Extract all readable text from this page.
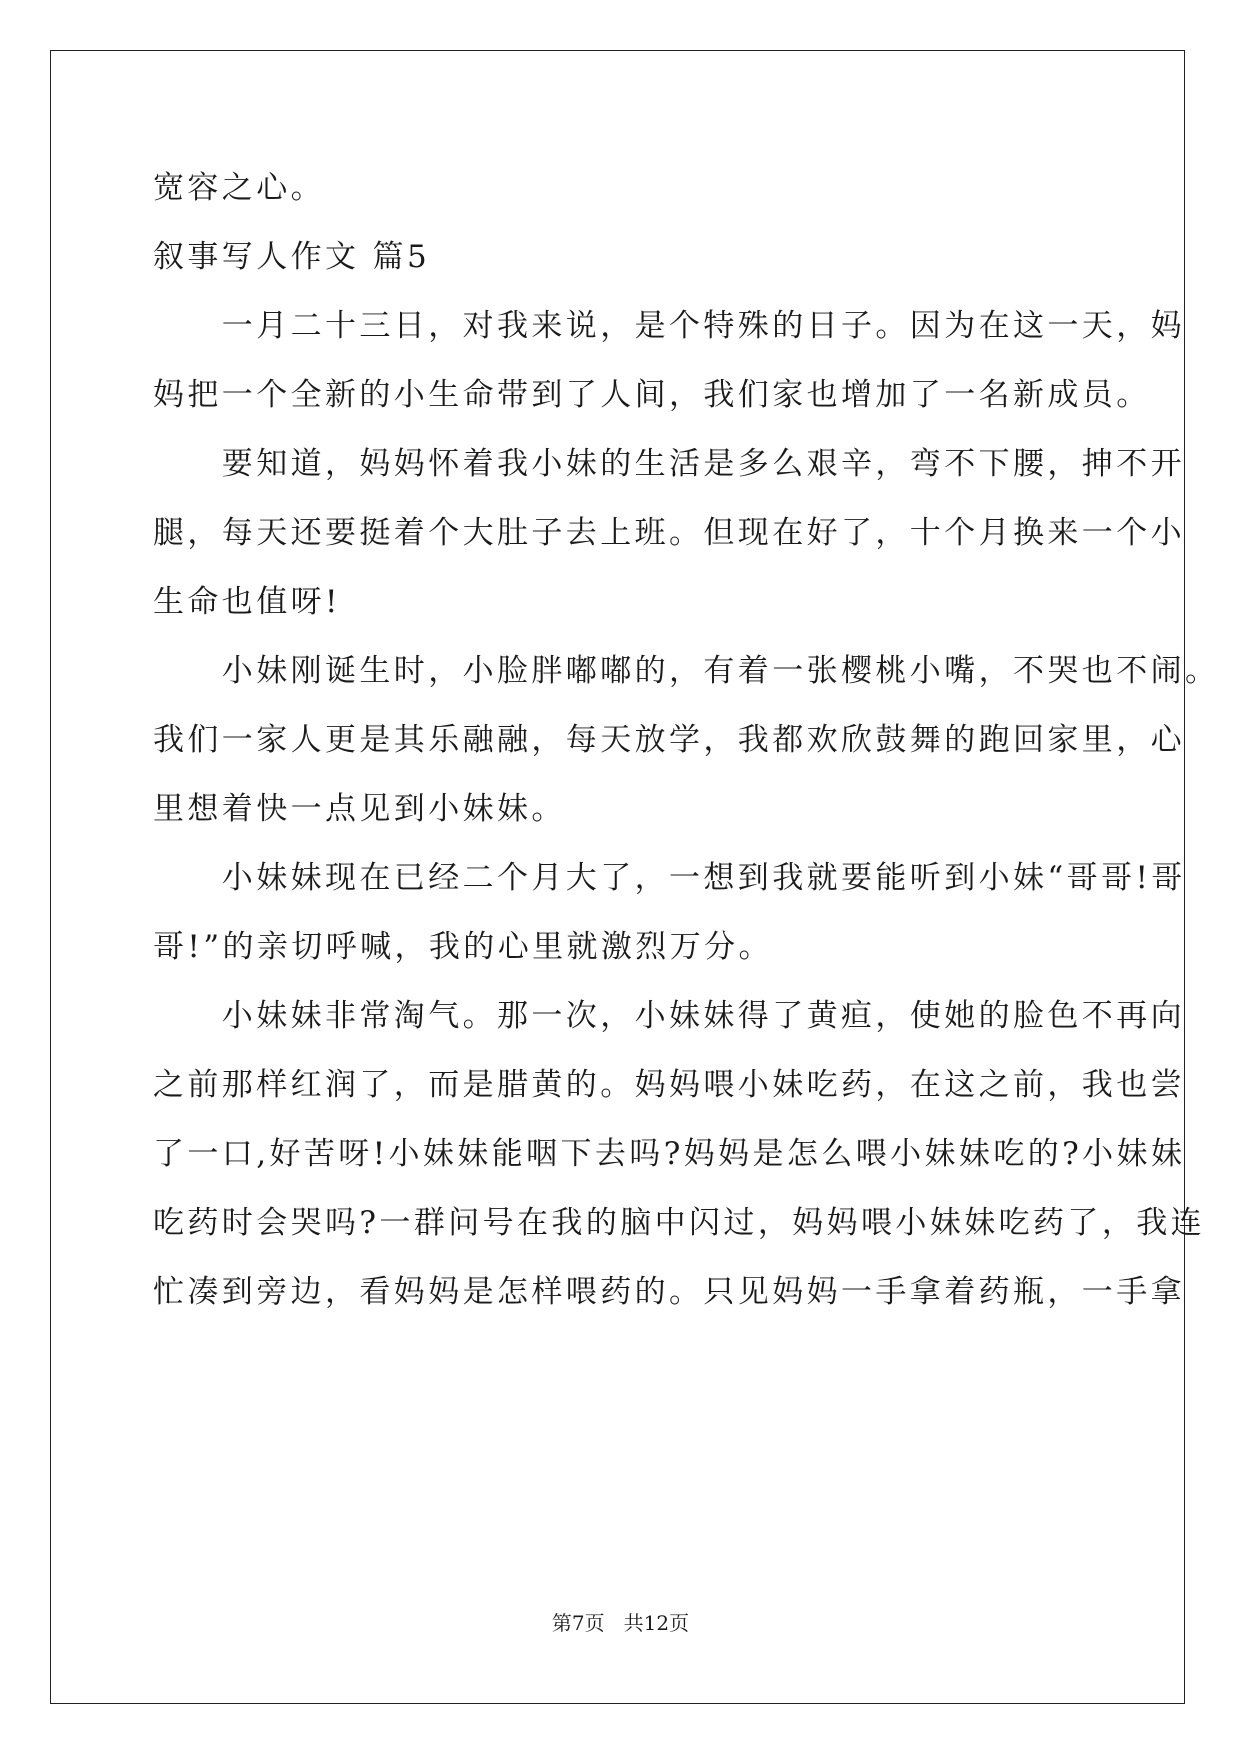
宽容之心。
叙事写人作文 篇5
　　一月二十三日，对我来说，是个特殊的日子。因为在这一天，妈
妈把一个全新的小生命带到了人间，我们家也增加了一名新成员。
　　要知道，妈妈怀着我小妹的生活是多么艰辛，弯不下腰，抻不开
腿，每天还要挺着个大肚子去上班。但现在好了，十个月换来一个小
生命也值呀!
　　小妹刚诞生时，小脸胖嘟嘟的，有着一张樱桃小嘴，不哭也不闹。
我们一家人更是其乐融融，每天放学，我都欢欣鼓舞的跑回家里，心
里想着快一点见到小妹妹。
　　小妹妹现在已经二个月大了，一想到我就要能听到小妹“哥哥!哥
哥!”的亲切呼喊，我的心里就激烈万分。
　　小妹妹非常淘气。那一次，小妹妹得了黄疸，使她的脸色不再向
之前那样红润了，而是腊黄的。妈妈喂小妹吃药，在这之前，我也尝
了一口,好苦呀!小妹妹能咽下去吗?妈妈是怎么喂小妹妹吃的?小妹妹
吃药时会哭吗?一群问号在我的脑中闪过，妈妈喂小妹妹吃药了，我连
忙凑到旁边，看妈妈是怎样喂药的。只见妈妈一手拿着药瓶，一手拿
第7页   共12页
